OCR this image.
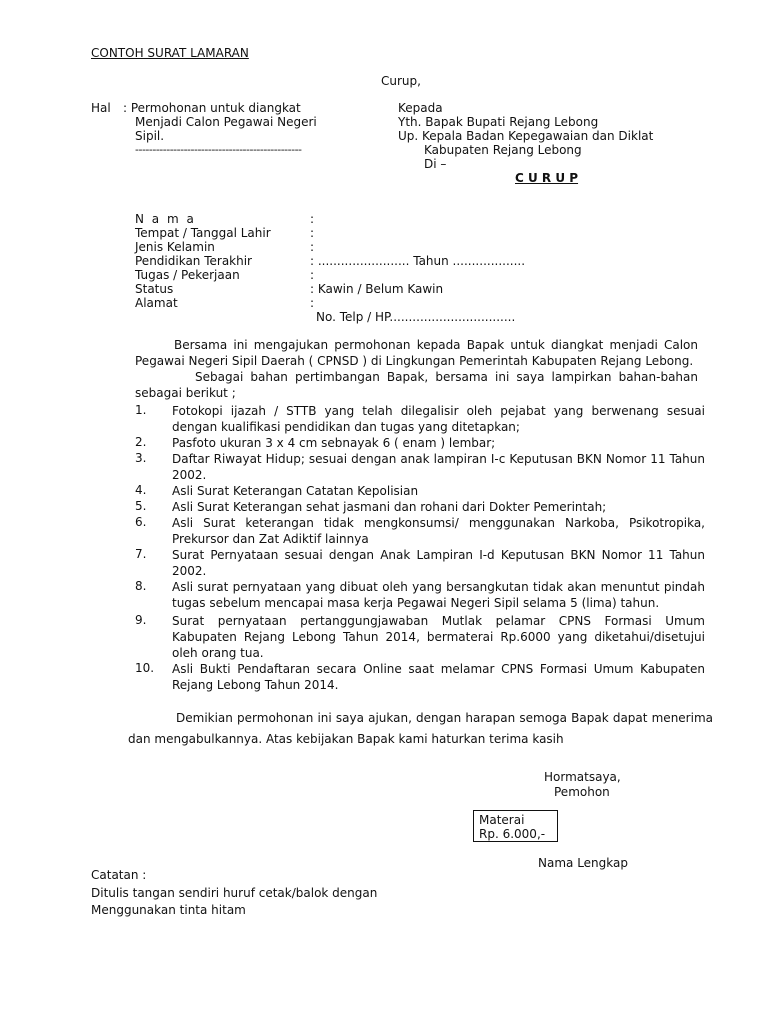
CONTOH SURAT LAMARAN
Curup,
Hal : Permohonan untuk diangkat
Menjadi Calon Pegawai Negeri
Sipil.
------------------------------------------------
Kepada
Yth. Bapak Bupati Rejang Lebong
Up. Kepala Badan Kepegawaian dan Diklat
Kabupaten Rejang Lebong
Di –
C U R U P
N a m a	:
Tempat / Tanggal Lahir	:
Jenis Kelamin	:
Pendidikan Terakhir	: ........................ Tahun ...................
Tugas / Pekerjaan	:
Status	: Kawin / Belum Kawin
Alamat	:
No. Telp / HP.................................
Bersama ini mengajukan permohonan kepada Bapak untuk diangkat menjadi Calon Pegawai Negeri Sipil Daerah ( CPNSD ) di Lingkungan Pemerintah Kabupaten Rejang Lebong.
Sebagai bahan pertimbangan Bapak, bersama ini saya lampirkan bahan-bahan sebagai berikut ;
1. Fotokopi ijazah / STTB yang telah dilegalisir oleh pejabat yang berwenang sesuai dengan kualifikasi pendidikan dan tugas yang ditetapkan;
2. Pasfoto ukuran 3 x 4 cm sebnayak 6 ( enam ) lembar;
3. Daftar Riwayat Hidup; sesuai dengan anak lampiran I-c Keputusan BKN Nomor 11 Tahun 2002.
4. Asli Surat Keterangan Catatan Kepolisian
5. Asli Surat Keterangan sehat jasmani dan rohani dari Dokter Pemerintah;
6. Asli Surat keterangan tidak mengkonsumsi/ menggunakan Narkoba, Psikotropika, Prekursor dan Zat Adiktif lainnya
7. Surat Pernyataan sesuai dengan Anak Lampiran I-d Keputusan BKN Nomor 11 Tahun 2002.
8. Asli surat pernyataan yang dibuat oleh yang bersangkutan tidak akan menuntut pindah tugas sebelum mencapai masa kerja Pegawai Negeri Sipil selama 5 (lima) tahun.
9. Surat pernyataan pertanggungjawaban Mutlak pelamar CPNS Formasi Umum Kabupaten Rejang Lebong Tahun 2014, bermaterai Rp.6000 yang diketahui/disetujui oleh orang tua.
10. Asli Bukti Pendaftaran secara Online saat melamar CPNS Formasi Umum Kabupaten Rejang Lebong Tahun 2014.
Demikian permohonan ini saya ajukan, dengan harapan semoga Bapak dapat menerima dan mengabulkannya. Atas kebijakan Bapak kami haturkan terima kasih
Hormatsaya,
Pemohon
Materai
Rp. 6.000,-
Nama Lengkap
Catatan :
Ditulis tangan sendiri huruf cetak/balok dengan
Menggunakan tinta hitam
